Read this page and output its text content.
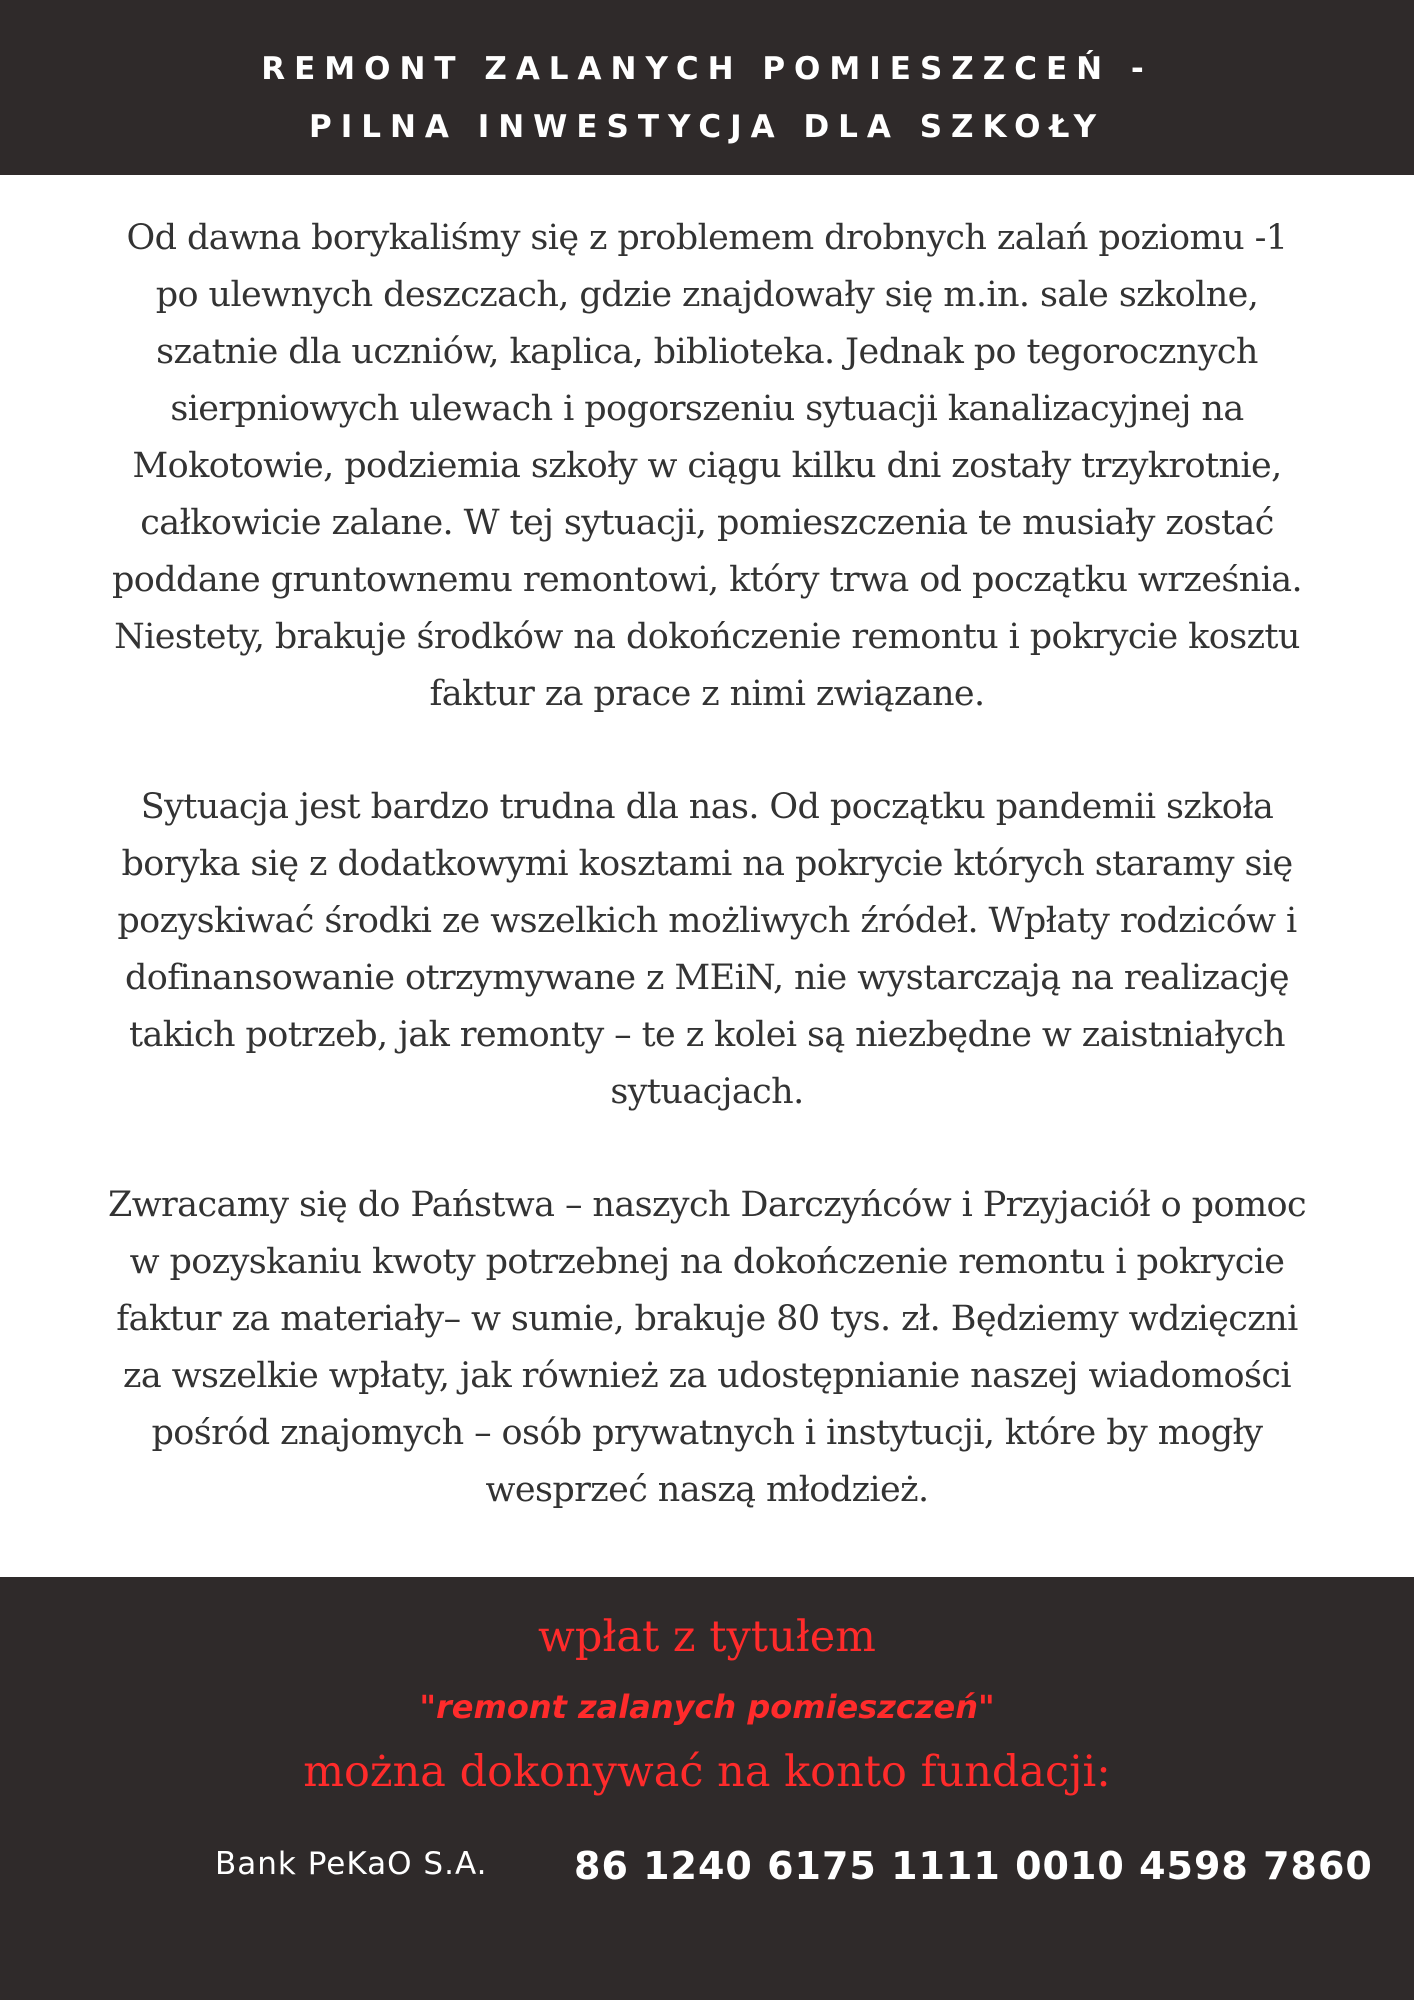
REMONT ZALANYCH POMIESZZCEŃ -
PILNA INWESTYCJA DLA SZKOŁY

Od dawna borykaliśmy się z problemem drobnych zalań poziomu -1
po ulewnych deszczach, gdzie znajdowały się m.in. sale szkolne,
szatnie dla uczniów, kaplica, biblioteka. Jednak po tegorocznych
sierpniowych ulewach i pogorszeniu sytuacji kanalizacyjnej na
Mokotowie, podziemia szkoły w ciągu kilku dni zostały trzykrotnie,
całkowicie zalane. W tej sytuacji, pomieszczenia te musiały zostać
poddane gruntownemu remontowi, który trwa od początku września.
Niestety, brakuje środków na dokończenie remontu i pokrycie kosztu
faktur za prace z nimi związane.

Sytuacja jest bardzo trudna dla nas. Od początku pandemii szkoła
boryka się z dodatkowymi kosztami na pokrycie których staramy się
pozyskiwać środki ze wszelkich możliwych źródeł. Wpłaty rodziców i
dofinansowanie otrzymywane z MEiN, nie wystarczają na realizację
takich potrzeb, jak remonty – te z kolei są niezbędne w zaistniałych
sytuacjach.

Zwracamy się do Państwa – naszych Darczyńców i Przyjaciół o pomoc
w pozyskaniu kwoty potrzebnej na dokończenie remontu i pokrycie
faktur za materiały– w sumie, brakuje 80 tys. zł. Będziemy wdzięczni
za wszelkie wpłaty, jak również za udostępnianie naszej wiadomości
pośród znajomych – osób prywatnych i instytucji, które by mogły
wesprzeć naszą młodzież.

wpłat z tytułem
"remont zalanych pomieszczeń"
można dokonywać na konto fundacji:
Bank PeKaO S.A. 86 1240 6175 1111 0010 4598 7860
